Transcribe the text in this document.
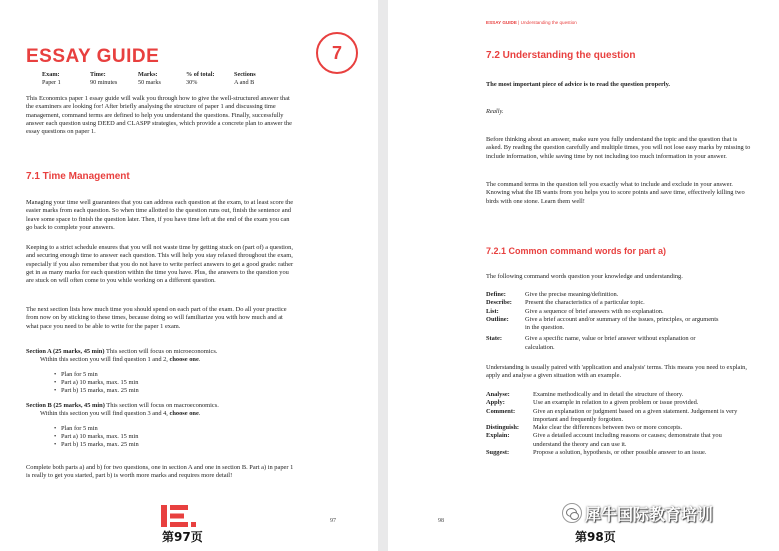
ESSAY GUIDE	7
Exam:	Time:	Marks:	% of total:	Sections
Paper 1	90 minutes	50 marks	30%	A and B
This Economics paper 1 essay guide will walk you through how to give the well-structured answer that the examiners are looking for! After briefly analysing the structure of paper 1 and discussing time management, command terms are defined to help you understand the questions. Finally, successfully answer each question using DEED and CLASPP strategies, which provide a concrete plan to answer the essay questions on paper 1.
7.1 Time Management
Managing your time well guarantees that you can address each question at the exam, to at least score the easier marks from each question. So when time allotted to the question runs out, finish the sentence and leave some space to finish the question later. Then, if you have time left at the end of the exam you can go back to complete your answers.
Keeping to a strict schedule ensures that you will not waste time by getting stuck on (part of) a question, and securing enough time to answer each question. This will help you stay relaxed throughout the exam, especially if you also remember that you do not have to write perfect answers to get a good grade: rather get in as many marks for each question within the time you have. Plus, the answers to the question you are stuck on will often come to you while working on a different question.
The next section lists how much time you should spend on each part of the exam. Do all your practice from now on by sticking to these times, because doing so will familiarize you with how much and at what pace you need to be able to write for the paper 1 exam.
Section A (25 marks, 45 min) This section will focus on microeconomics.
Within this section you will find question 1 and 2, choose one.
• Plan for 5 min
• Part a) 10 marks, max. 15 min
• Part b) 15 marks, max. 25 min
Section B (25 marks, 45 min) This section will focus on macroeconomics.
Within this section you will find question 3 and 4, choose one.
• Plan for 5 min
• Part a) 10 marks, max. 15 min
• Part b) 15 marks, max. 25 min
Complete both parts a) and b) for two questions, one in section A and one in section B. Part a) in paper 1 is really to get you started, part b) is worth more marks and requires more detail!
第97页
97
ESSAY GUIDE | Understanding the question
7.2 Understanding the question
The most important piece of advice is to read the question properly.
Really.
Before thinking about an answer, make sure you fully understand the topic and the question that is asked. By reading the question carefully and multiple times, you will not lose easy marks by missing to include information, while saving time by not including too much information in your answer.
The command terms in the question tell you exactly what to include and exclude in your answer. Knowing what the IB wants from you helps you to score points and save time, effectively killing two birds with one stone. Learn them well!
7.2.1 Common command words for part a)
The following command words question your knowledge and understanding.
Define:	Give the precise meaning/definition.
Describe:	Present the characteristics of a particular topic.
List:	Give a sequence of brief answers with no explanation.
Outline:	Give a brief account and/or summary of the issues, principles, or arguments in the question.
State:	Give a specific name, value or brief answer without explanation or calculation.
Understanding is usually paired with 'application and analysis' terms. This means you need to explain, apply and analyse a given situation with an example.
Analyse:	Examine methodically and in detail the structure of theory.
Apply:	Use an example in relation to a given problem or issue provided.
Comment:	Give an explanation or judgment based on a given statement. Judgement is very important and frequently forgotten.
Distinguish:	Make clear the differences between two or more concepts.
Explain:	Give a detailed account including reasons or causes; demonstrate that you understand the theory and can use it.
Suggest:	Propose a solution, hypothesis, or other possible answer to an issue.
98
第98页
犀牛国际教育培训
